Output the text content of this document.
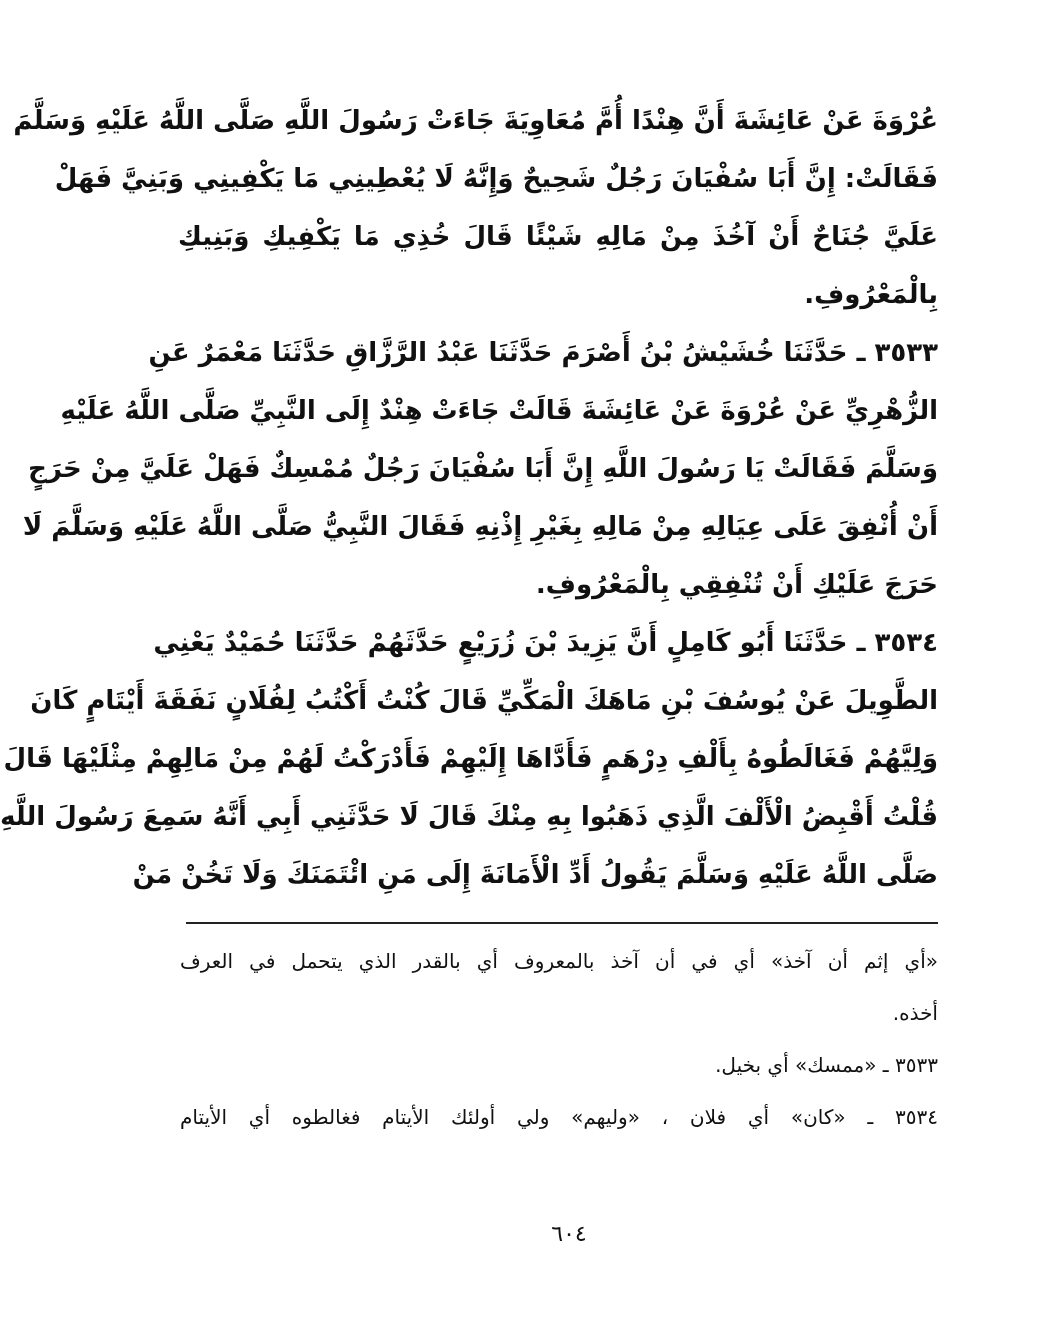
عُرْوَةَ عَنْ عَائِشَةَ أَنَّ هِنْدًا أُمَّ مُعَاوِيَةَ جَاءَتْ رَسُولَ اللَّهِ صَلَّى اللَّهُ عَلَيْهِ وَسَلَّمَ
فَقَالَتْ: إِنَّ أَبَا سُفْيَانَ رَجُلٌ شَحِيحٌ وَإِنَّهُ لَا يُعْطِينِي مَا يَكْفِينِي وَبَنِيَّ فَهَلْ
عَلَيَّ جُنَاحٌ أَنْ آخُذَ مِنْ مَالِهِ شَيْئًا قَالَ خُذِي مَا يَكْفِيكِ وَبَنِيكِ
بِالْمَعْرُوفِ.
٣٥٣٣ ـ حَدَّثَنَا خُشَيْشُ بْنُ أَصْرَمَ حَدَّثَنَا عَبْدُ الرَّزَّاقِ حَدَّثَنَا مَعْمَرٌ عَنِ
الزُّهْرِيِّ عَنْ عُرْوَةَ عَنْ عَائِشَةَ قَالَتْ جَاءَتْ هِنْدٌ إِلَى النَّبِيِّ صَلَّى اللَّهُ عَلَيْهِ
وَسَلَّمَ فَقَالَتْ يَا رَسُولَ اللَّهِ إِنَّ أَبَا سُفْيَانَ رَجُلٌ مُمْسِكٌ فَهَلْ عَلَيَّ مِنْ حَرَجٍ
أَنْ أُنْفِقَ عَلَى عِيَالِهِ مِنْ مَالِهِ بِغَيْرِ إِذْنِهِ فَقَالَ النَّبِيُّ صَلَّى اللَّهُ عَلَيْهِ وَسَلَّمَ لَا
حَرَجَ عَلَيْكِ أَنْ تُنْفِقِي بِالْمَعْرُوفِ.
٣٥٣٤ ـ حَدَّثَنَا أَبُو كَامِلٍ أَنَّ يَزِيدَ بْنَ زُرَيْعٍ حَدَّثَهُمْ حَدَّثَنَا حُمَيْدٌ يَعْنِي
الطَّوِيلَ عَنْ يُوسُفَ بْنِ مَاهَكَ الْمَكِّيِّ قَالَ كُنْتُ أَكْتُبُ لِفُلَانٍ نَفَقَةَ أَيْتَامٍ كَانَ
وَلِيَّهُمْ فَغَالَطُوهُ بِأَلْفِ دِرْهَمٍ فَأَدَّاهَا إِلَيْهِمْ فَأَدْرَكْتُ لَهُمْ مِنْ مَالِهِمْ مِثْلَيْهَا قَالَ
قُلْتُ أَقْبِضُ الْأَلْفَ الَّذِي ذَهَبُوا بِهِ مِنْكَ قَالَ لَا حَدَّثَنِي أَبِي أَنَّهُ سَمِعَ رَسُولَ اللَّهِ
صَلَّى اللَّهُ عَلَيْهِ وَسَلَّمَ يَقُولُ أَدِّ الْأَمَانَةَ إِلَى مَنِ ائْتَمَنَكَ وَلَا تَخُنْ مَنْ
«أي إثم أن آخذ» أي في أن آخذ بالمعروف أي بالقدر الذي يتحمل في العرف
أخذه.
٣٥٣٣ ـ «ممسك» أي بخيل.
٣٥٣٤ ـ «كان» أي فلان ، «وليهم» ولي أولئك الأيتام فغالطوه أي الأيتام
٦٠٤
